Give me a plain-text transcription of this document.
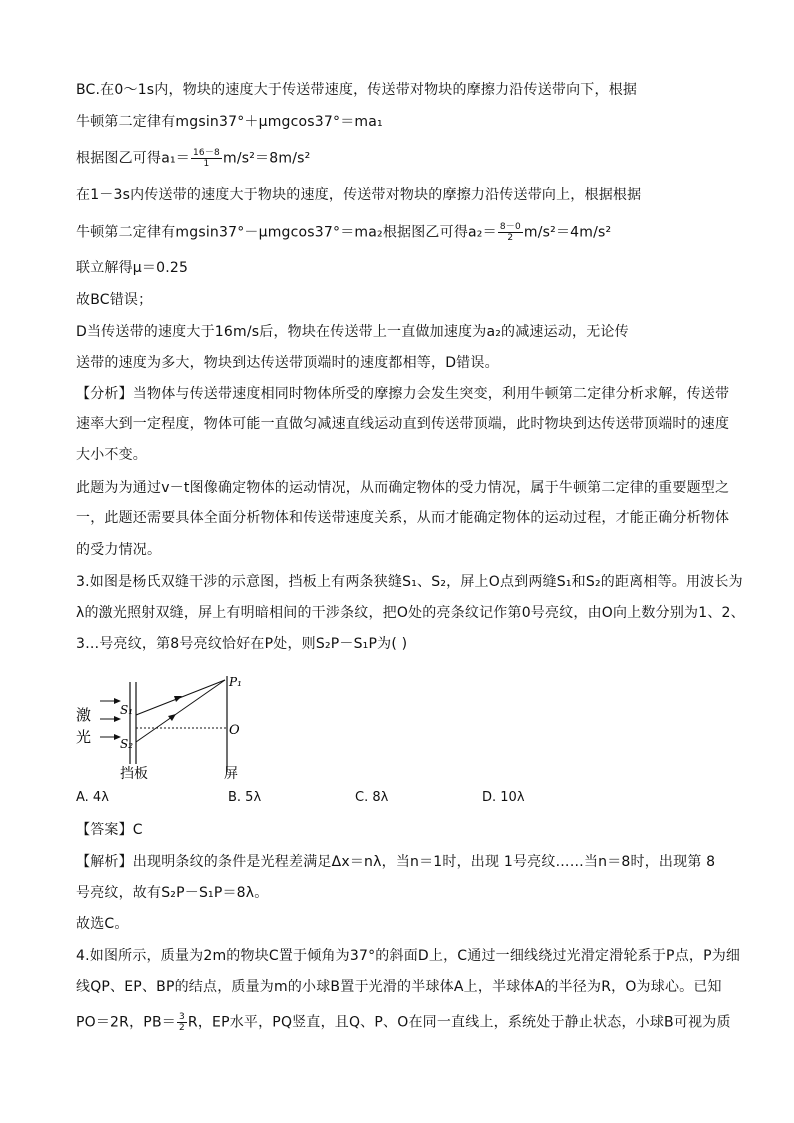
BC.在0～1s内，物块的速度大于传送带速度，传送带对物块的摩擦力沿传送带向下，根据
牛顿第二定律有mgsin37°＋μmgcos37°＝ma₁
根据图乙可得$a_1= \frac{16-8}{1} m/s^2=8m/s^2$
在1－3s内传送带的速度大于物块的速度，传送带对物块的摩擦力沿传送带向上，根据根据
牛顿第二定律有mgsin37°－μmgcos37°＝ma₂根据图乙可得$a_2= \frac{8-0}{2} m/s^2=4m/s^2$
联立解得μ＝0.25
故BC错误；
D当传送带的速度大于16m/s后，物块在传送带上一直做加速度为a₂的减速运动，无论传
送带的速度为多大，物块到达传送带顶端时的速度都相等，D错误。
【分析】当物体与传送带速度相同时物体所受的摩擦力会发生突变，利用牛顿第二定律分析求解，传送带
速率大到一定程度，物体可能一直做匀减速直线运动直到传送带顶端，此时物块到达传送带顶端时的速度
大小不变。
此题为为通过v－t图像确定物体的运动情况，从而确定物体的受力情况，属于牛顿第二定律的重要题型之
一，此题还需要具体全面分析物体和传送带速度关系，从而才能确定物体的运动过程，才能正确分析物体
的受力情况。
3.如图是杨氏双缝干涉的示意图，挡板上有两条狭缝S₁、S₂，屏上O点到两缝S₁和S₂的距离相等。用波长为
λ的激光照射双缝，屏上有明暗相间的干涉条纹，把O处的亮条纹记作第0号亮纹，由O向上数分别为1、2、
3…号亮纹，第8号亮纹恰好在P处，则S₂P－S₁P为( )
激
光
S₁
S₂
P₁
O
挡板	屏
A. 4λ	B. 5λ	C. 8λ	D. 10λ
【答案】C
【解析】出现明条纹的条件是光程差满足Δx＝nλ，当n＝1时，出现 1号亮纹……当n＝8时，出现第 8
号亮纹，故有S₂P－S₁P＝8λ。
故选C。
4.如图所示，质量为2m的物块C置于倾角为37°的斜面D上，C通过一细线绕过光滑定滑轮系于P点，P为细
线QP、EP、BP的结点，质量为m的小球B置于光滑的半球体A上，半球体A的半径为R，O为球心。已知
PO＝2R，$PB= \frac{3}{2}$ R，EP水平，PQ竖直，且Q、P、O在同一直线上，系统处于静止状态，小球B可视为质
